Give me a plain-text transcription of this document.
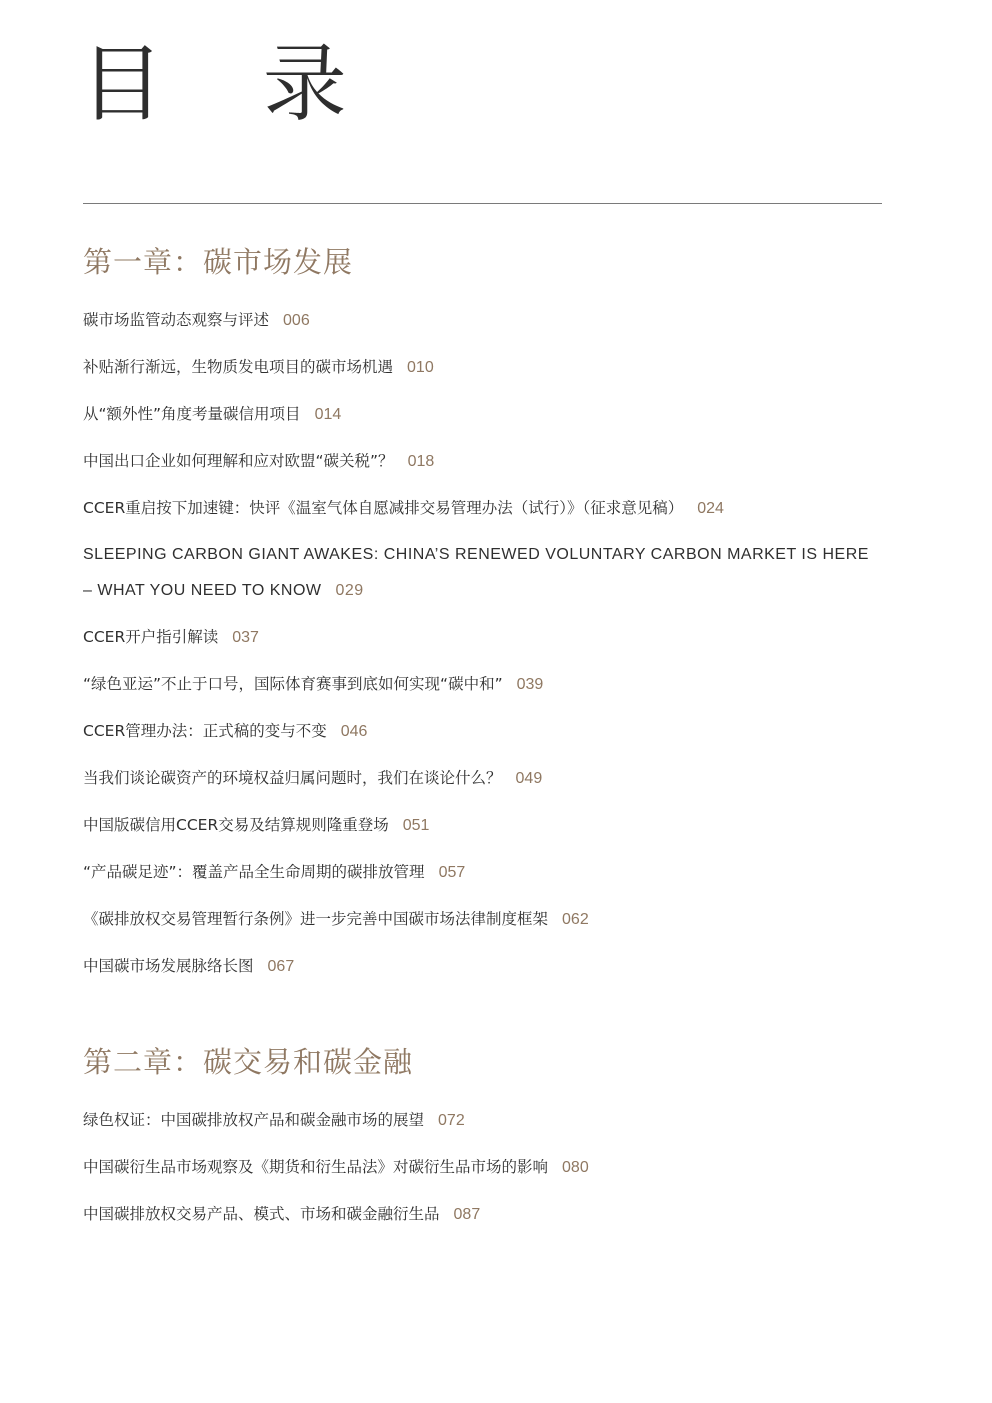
目 录
第一章：碳市场发展
碳市场监管动态观察与评述 006
补贴渐行渐远，生物质发电项目的碳市场机遇 010
从“额外性”角度考量碳信用项目 014
中国出口企业如何理解和应对欧盟“碳关税”？ 018
CCER重启按下加速键：快评《温室气体自愿减排交易管理办法（试行）》（征求意见稿） 024
SLEEPING CARBON GIANT AWAKES: CHINA’S RENEWED VOLUNTARY CARBON MARKET IS HERE – WHAT YOU NEED TO KNOW 029
CCER开户指引解读 037
“绿色亚运”不止于口号，国际体育赛事到底如何实现“碳中和” 039
CCER管理办法：正式稿的变与不变 046
当我们谈论碳资产的环境权益归属问题时，我们在谈论什么？ 049
中国版碳信用CCER交易及结算规则隆重登场 051
“产品碳足迹”：覆盖产品全生命周期的碳排放管理 057
《碳排放权交易管理暂行条例》进一步完善中国碳市场法律制度框架 062
中国碳市场发展脉络长图 067
第二章：碳交易和碳金融
绿色权证：中国碳排放权产品和碳金融市场的展望 072
中国碳衍生品市场观察及《期货和衍生品法》对碳衍生品市场的影响 080
中国碳排放权交易产品、模式、市场和碳金融衍生品 087
